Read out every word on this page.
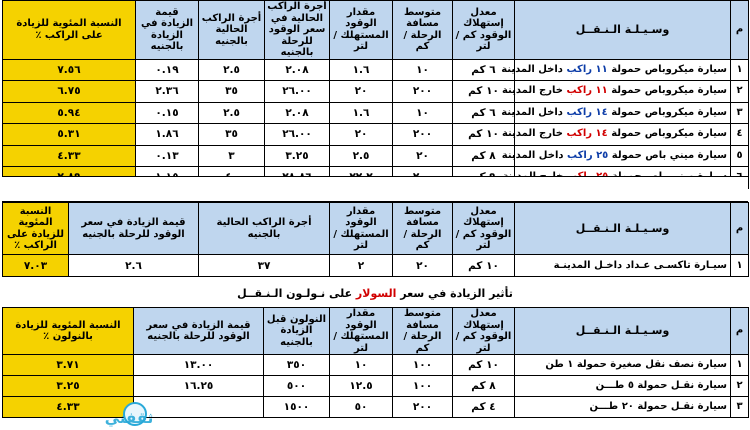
م	وسـيـلـة الـنـقــل	معدل إستهلاك الوقود كم / لتر	متوسط مسافة الرحلة / كم	مقدار الوقود المستهلك / لتر	أجرة الراكب الحالية في سعر الوقود للرحلة بالجنيه	أجرة الراكب الحالية بالجنيه	قيمة الزيادة في الزيادة بالجنيه	النسبة المئوية للزيادة على الراكب ٪
١	سيارة ميكروباص حمولة ١١ راكب داخل المدينة	٦ كم	١٠	١.٦	٢.٠٨	٢.٥	٠.١٩	٧.٥٦
٢	سيارة ميكروباص حمولة ١١ راكب خارج المدينة	١٠ كم	٢٠٠	٢٠	٢٦.٠٠	٣٥	٢.٣٦	٦.٧٥
٣	سيارة ميكروباص حمولة ١٤ راكب داخل المدينة	٦ كم	١٠	١.٦	٢.٠٨	٢.٥	٠.١٥	٥.٩٤
٤	سيارة ميكروباص حمولة ١٤ راكب خارج المدينة	١٠ كم	٢٠٠	٢٠	٢٦.٠٠	٣٥	١.٨٦	٥.٣١
٥	سيارة ميني باص حمولة ٢٥ راكب داخل المدينة	٨ كم	٢٠	٢.٥	٣.٢٥	٣	٠.١٣	٤.٣٣

م	وسـيـلـة الـنـقــل	معدل إستهلاك الوقود كم / لتر	متوسط مسافة الرحلة / كم	مقدار الوقود المستهلك / لتر	أجرة الراكب الحالية بالجنيه	قيمة الزيادة في سعر الوقود للرحلة بالجنيه	النسبة المئوية للزيادة على الراكب ٪
١	سيـارة تاكسـى عـداد داخـل المدينـة	١٠ كم	٢٠	٢	٣٧	٢.٦	٧.٠٣
تأثير الزيادة في سعر السولار على نـولـون الـنـقــل
م	وسـيـلـة الـنـقــل	معدل إستهلاك الوقود كم / لتر	متوسط مسافة الرحلة / كم	مقدار الوقود المستهلك / لتر	النولون قبل الزيادة بالجنيه	قيمة الزيادة في سعر الوقود للرحلة بالجنيه	النسبة المئوية للزيادة بالنولون ٪
١	سيارة نصف نقل صغيرة حمولة ١ طن	١٠ كم	١٠٠	١٠	٣٥٠	١٣.٠٠	٣.٧١
٢	سيارة نقـل حمولة ٥ طـــن	٨ كم	١٠٠	١٢.٥	٥٠٠	١٦.٢٥	٣.٢٥
٣	سيارة نقـل حمولة ٢٠ طـــن	٤ كم	٢٠٠	٥٠	١٥٠٠		٤.٣٣
ثقفني
